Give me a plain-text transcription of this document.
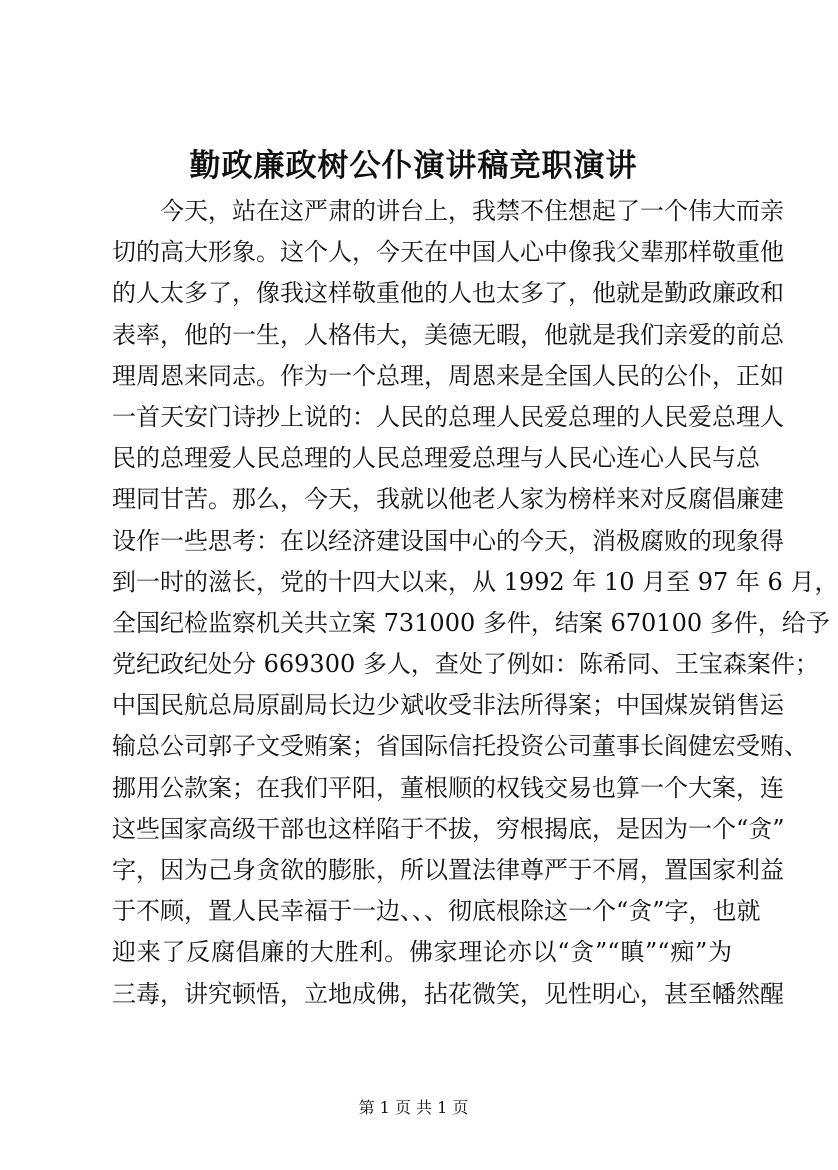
勤政廉政树公仆演讲稿竞职演讲
今天，站在这严肃的讲台上，我禁不住想起了一个伟大而亲
切的高大形象。这个人，今天在中国人心中像我父辈那样敬重他
的人太多了，像我这样敬重他的人也太多了，他就是勤政廉政和
表率，他的一生，人格伟大，美德无暇，他就是我们亲爱的前总
理周恩来同志。作为一个总理，周恩来是全国人民的公仆，正如
一首天安门诗抄上说的：人民的总理人民爱总理的人民爱总理人
民的总理爱人民总理的人民总理爱总理与人民心连心人民与总
理同甘苦。那么，今天，我就以他老人家为榜样来对反腐倡廉建
设作一些思考：在以经济建设国中心的今天，消极腐败的现象得
到一时的滋长，党的十四大以来，从 1992 年 10 月至 97 年 6 月，
全国纪检监察机关共立案 731000 多件，结案 670100 多件，给予
党纪政纪处分 669300 多人，查处了例如：陈希同、王宝森案件；
中国民航总局原副局长边少斌收受非法所得案；中国煤炭销售运
输总公司郭子文受贿案；省国际信托投资公司董事长阎健宏受贿、
挪用公款案；在我们平阳，董根顺的权钱交易也算一个大案，连
这些国家高级干部也这样陷于不拔，穷根揭底，是因为一个“贪”
字，因为己身贪欲的膨胀，所以置法律尊严于不屑，置国家利益
于不顾，置人民幸福于一边、、、彻底根除这一个“贪”字，也就
迎来了反腐倡廉的大胜利。佛家理论亦以“贪”“瞋”“痴”为
三毒，讲究顿悟，立地成佛，拈花微笑，见性明心，甚至幡然醒
第 1 页 共 1 页
